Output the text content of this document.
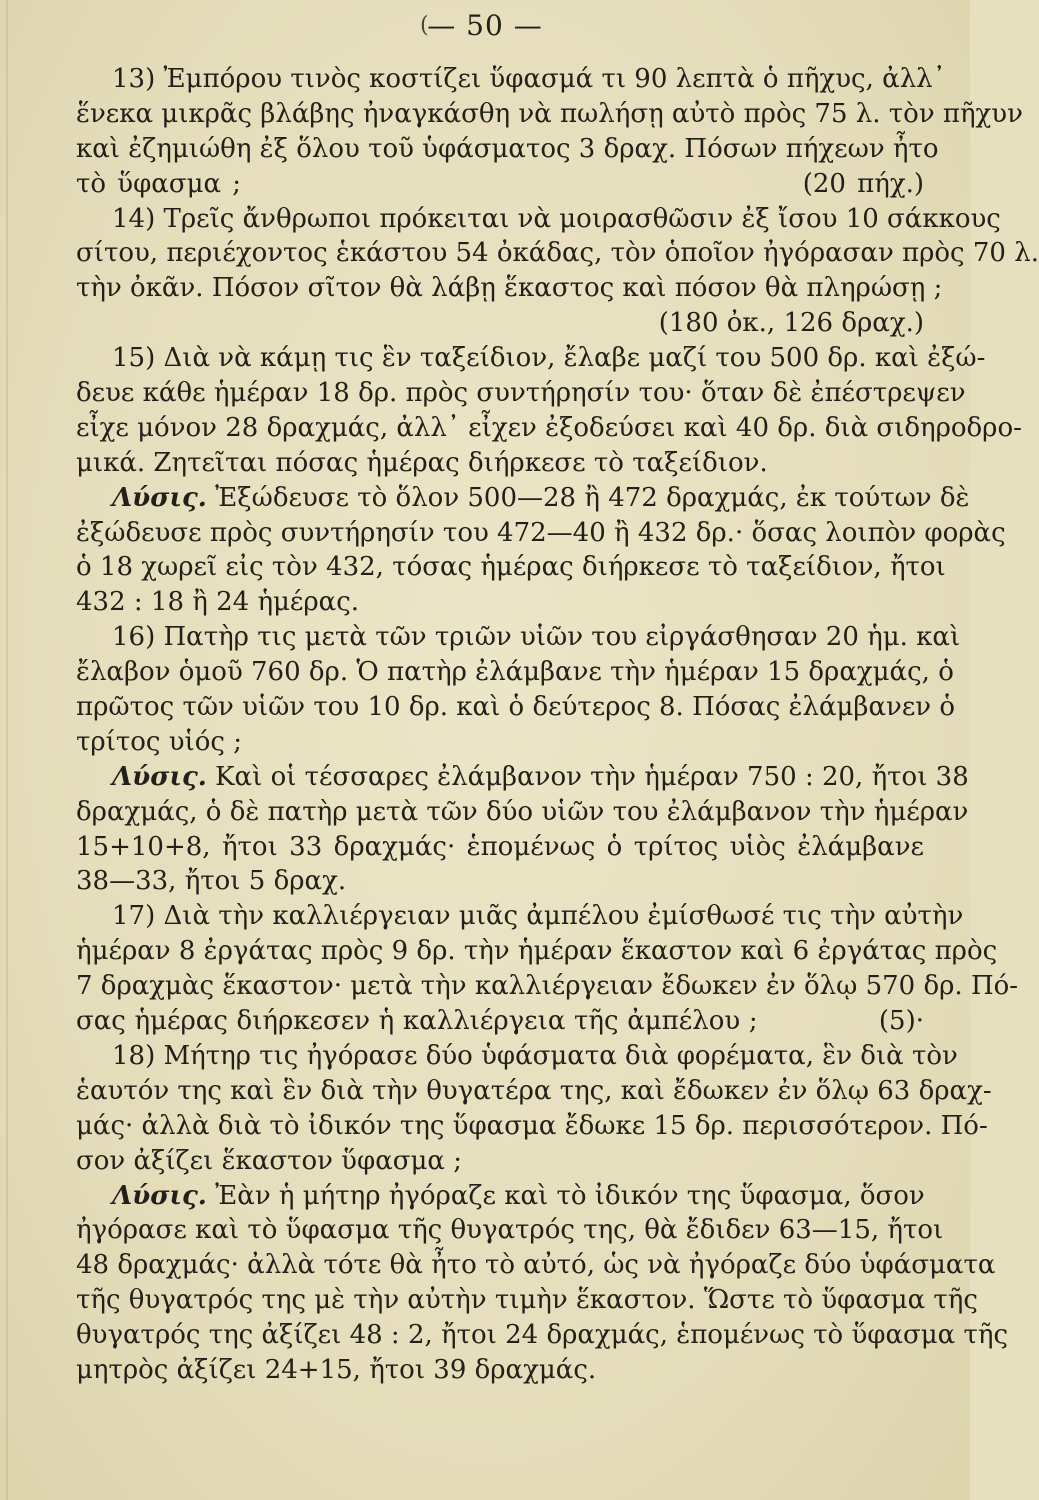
(
— 50 —
13) Ἐμπόρου τινὸς κοστίζει ὕφασμά τι 90 λεπτὰ ὁ πῆχυς, ἀλλ᾽
ἕνεκα μικρᾶς βλάβης ἠναγκάσθη νὰ πωλήσῃ αὐτὸ πρὸς 75 λ. τὸν πῆχυν
καὶ ἐζημιώθη ἐξ ὅλου τοῦ ὑφάσματος 3 δραχ. Πόσων πήχεων ἦτο
τὸ ὕφασμα ;                                                  (20 πήχ.)
14) Τρεῖς ἄνθρωποι πρόκειται νὰ μοιρασθῶσιν ἐξ ἴσου 10 σάκκους
σίτου, περιέχοντος ἑκάστου 54 ὀκάδας, τὸν ὁποῖον ἠγόρασαν πρὸς 70 λ.
τὴν ὀκᾶν. Πόσον σῖτον θὰ λάβῃ ἕκαστος καὶ πόσον θὰ πληρώσῃ ;
(180 ὀκ., 126 δραχ.)
15) Διὰ νὰ κάμῃ τις ἓν ταξείδιον, ἔλαβε μαζί του 500 δρ. καὶ ἐξώ-
δευε κάθε ἡμέραν 18 δρ. πρὸς συντήρησίν του· ὅταν δὲ ἐπέστρεψεν
εἶχε μόνον 28 δραχμάς, ἀλλ᾽ εἶχεν ἐξοδεύσει καὶ 40 δρ. διὰ σιδηροδρο-
μικά. Ζητεῖται πόσας ἡμέρας διήρκεσε τὸ ταξείδιον.
Λύσις. Ἐξώδευσε τὸ ὅλον 500—28 ἢ 472 δραχμάς, ἐκ τούτων δὲ
ἐξώδευσε πρὸς συντήρησίν του 472—40 ἢ 432 δρ.· ὅσας λοιπὸν φορὰς
ὁ 18 χωρεῖ εἰς τὸν 432, τόσας ἡμέρας διήρκεσε τὸ ταξείδιον, ἤτοι
432 : 18 ἢ 24 ἡμέρας.
16) Πατὴρ τις μετὰ τῶν τριῶν υἱῶν του εἰργάσθησαν 20 ἡμ. καὶ
ἔλαβον ὁμοῦ 760 δρ. Ὁ πατὴρ ἐλάμβανε τὴν ἡμέραν 15 δραχμάς, ὁ
πρῶτος τῶν υἱῶν του 10 δρ. καὶ ὁ δεύτερος 8. Πόσας ἐλάμβανεν ὁ
τρίτος υἱός ;
Λύσις. Καὶ οἱ τέσσαρες ἐλάμβανον τὴν ἡμέραν 750 : 20, ἤτοι 38
δραχμάς, ὁ δὲ πατὴρ μετὰ τῶν δύο υἱῶν του ἐλάμβανον τὴν ἡμέραν
15+10+8, ἤτοι 33 δραχμάς· ἑπομένως ὁ τρίτος υἱὸς ἐλάμβανε
38—33, ἤτοι 5 δραχ.
17) Διὰ τὴν καλλιέργειαν μιᾶς ἀμπέλου ἐμίσθωσέ τις τὴν αὐτὴν
ἡμέραν 8 ἐργάτας πρὸς 9 δρ. τὴν ἡμέραν ἕκαστον καὶ 6 ἐργάτας πρὸς
7 δραχμὰς ἕκαστον· μετὰ τὴν καλλιέργειαν ἔδωκεν ἐν ὅλῳ 570 δρ. Πό-
σας ἡμέρας διήρκεσεν ἡ καλλιέργεια τῆς ἀμπέλου ;              (5)·
18) Μήτηρ τις ἠγόρασε δύο ὑφάσματα διὰ φορέματα, ἓν διὰ τὸν
ἑαυτόν της καὶ ἓν διὰ τὴν θυγατέρα της, καὶ ἔδωκεν ἐν ὅλῳ 63 δραχ-
μάς· ἀλλὰ διὰ τὸ ἰδικόν της ὕφασμα ἔδωκε 15 δρ. περισσότερον. Πό-
σον ἀξίζει ἕκαστον ὕφασμα ;
Λύσις. Ἐὰν ἡ μήτηρ ἠγόραζε καὶ τὸ ἰδικόν της ὕφασμα, ὅσον
ἠγόρασε καὶ τὸ ὕφασμα τῆς θυγατρός της, θὰ ἔδιδεν 63—15, ἤτοι
48 δραχμάς· ἀλλὰ τότε θὰ ἦτο τὸ αὐτό, ὡς νὰ ἠγόραζε δύο ὑφάσματα
τῆς θυγατρός της μὲ τὴν αὐτὴν τιμὴν ἕκαστον. Ὥστε τὸ ὕφασμα τῆς
θυγατρός της ἀξίζει 48 : 2, ἤτοι 24 δραχμάς, ἑπομένως τὸ ὕφασμα τῆς
μητρὸς ἀξίζει 24+15, ἤτοι 39 δραχμάς.
